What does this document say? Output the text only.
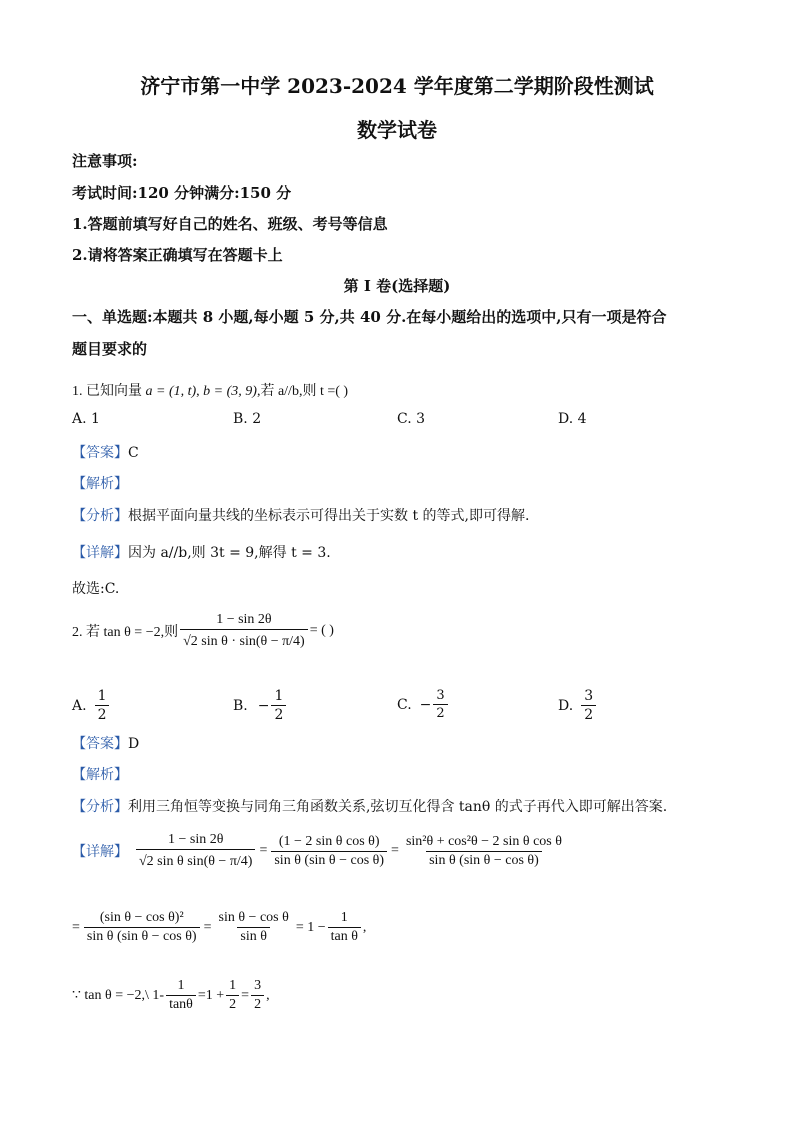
济宁市第一中学 2023-2024 学年度第二学期阶段性测试
数学试卷
注意事项:
考试时间:120 分钟满分:150 分
1.答题前填写好自己的姓名、班级、考号等信息
2.请将答案正确填写在答题卡上
第 I 卷(选择题)
一、单选题:本题共 8 小题,每小题 5 分,共 40 分.在每小题给出的选项中,只有一项是符合
题目要求的
1. 已知向量 a = (1, t), b = (3, 9),若 a//b,则 t =( )
A. 1	B. 2	C. 3	D. 4
【答案】C
【解析】
【分析】根据平面向量共线的坐标表示可得出关于实数 t 的等式,即可得解.
【详解】因为 a//b,则 3t = 9,解得 t = 3.
故选:C.
2. 若 tan θ = −2,则 $\frac{1 - \sin 2\theta}{\text{√2 sin θ · sin(θ − π/4)}}$ = ( )
A. $\frac{1}{2}$	B. − $\frac{1}{2}$	C. − $\frac{3}{2}$	D. $\frac{3}{2}$
【答案】D
【解析】
【分析】利用三角恒等变换与同角三角函数关系,弦切互化得含 tanθ 的式子再代入即可解出答案.
【详解】 $\frac{1 - \sin 2\theta}{\text{√2 sin θ sin(θ − π/4)}} = \frac{\text{(1 − 2 sin θ cos θ)}}{\text{sin θ (sin θ − cos θ)}} = \frac{\text{sin²θ + cos²θ − 2 sin θ cos θ}}{\text{sin θ (sin θ − cos θ)}}$
= $\frac{\text{(sin θ − cos θ)²}}{\text{sin θ (sin θ − cos θ)}} = \frac{\text{sin θ − cos θ}}{\text{sin θ}} = 1 - \frac{1}{\text{tan θ}}$ ,
∵ tan θ = −2,\ $1- \frac{1}{\tan\theta} =1 + \frac{1}{2} = \frac{3}{2}$ ,
